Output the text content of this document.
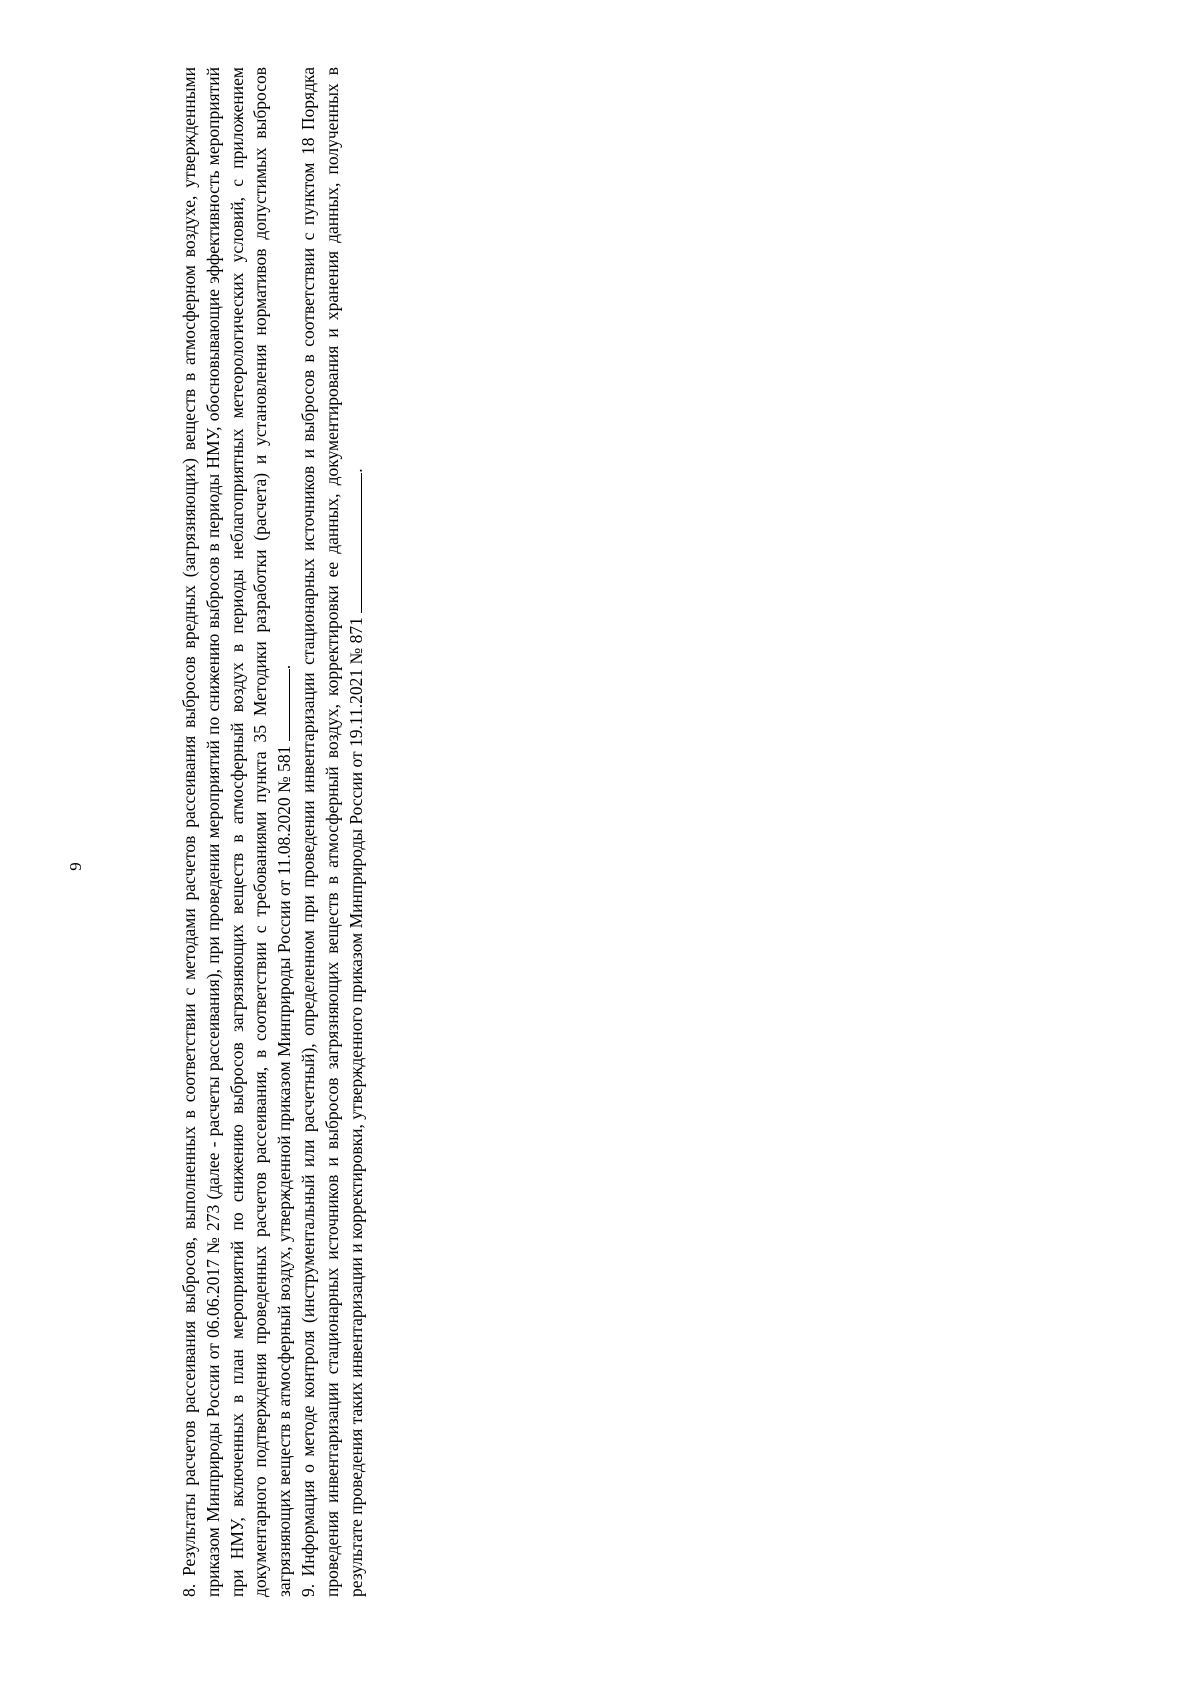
9	8. Результаты расчетов рассеивания выбросов, выполненных в соответствии с методами расчетов рассеивания выбросов вредных (загрязняющих) веществ в атмосферном воздухе, утвержденными приказом Минприроды России от 06.06.2017 № 273 (далее - расчеты рассеивания), при проведении мероприятий по снижению выбросов в периоды НМУ, обосновывающие эффективность мероприятий при НМУ, включенных в план мероприятий по снижению выбросов загрязняющих веществ в атмосферный воздух в периоды неблагоприятных метеорологических условий, с приложением документарного подтверждения проведенных расчетов рассеивания, в соответствии с требованиями пункта 35 Методики разработки (расчета) и установления нормативов допустимых выбросов загрязняющих веществ в атмосферный воздух, утвержденной приказом Минприроды России от 11.08.2020 № 581 . 9. Информация о методе контроля (инструментальный или расчетный), определенном при проведении инвентаризации стационарных источников и выбросов в соответствии с пунктом 18 Порядка проведения инвентаризации стационарных источников и выбросов загрязняющих веществ в атмосферный воздух, корректировки ее данных, документирования и хранения данных, полученных в результате проведения таких инвентаризации и корректировки, утвержденного приказом Минприроды России от 19.11.2021 № 871 .
